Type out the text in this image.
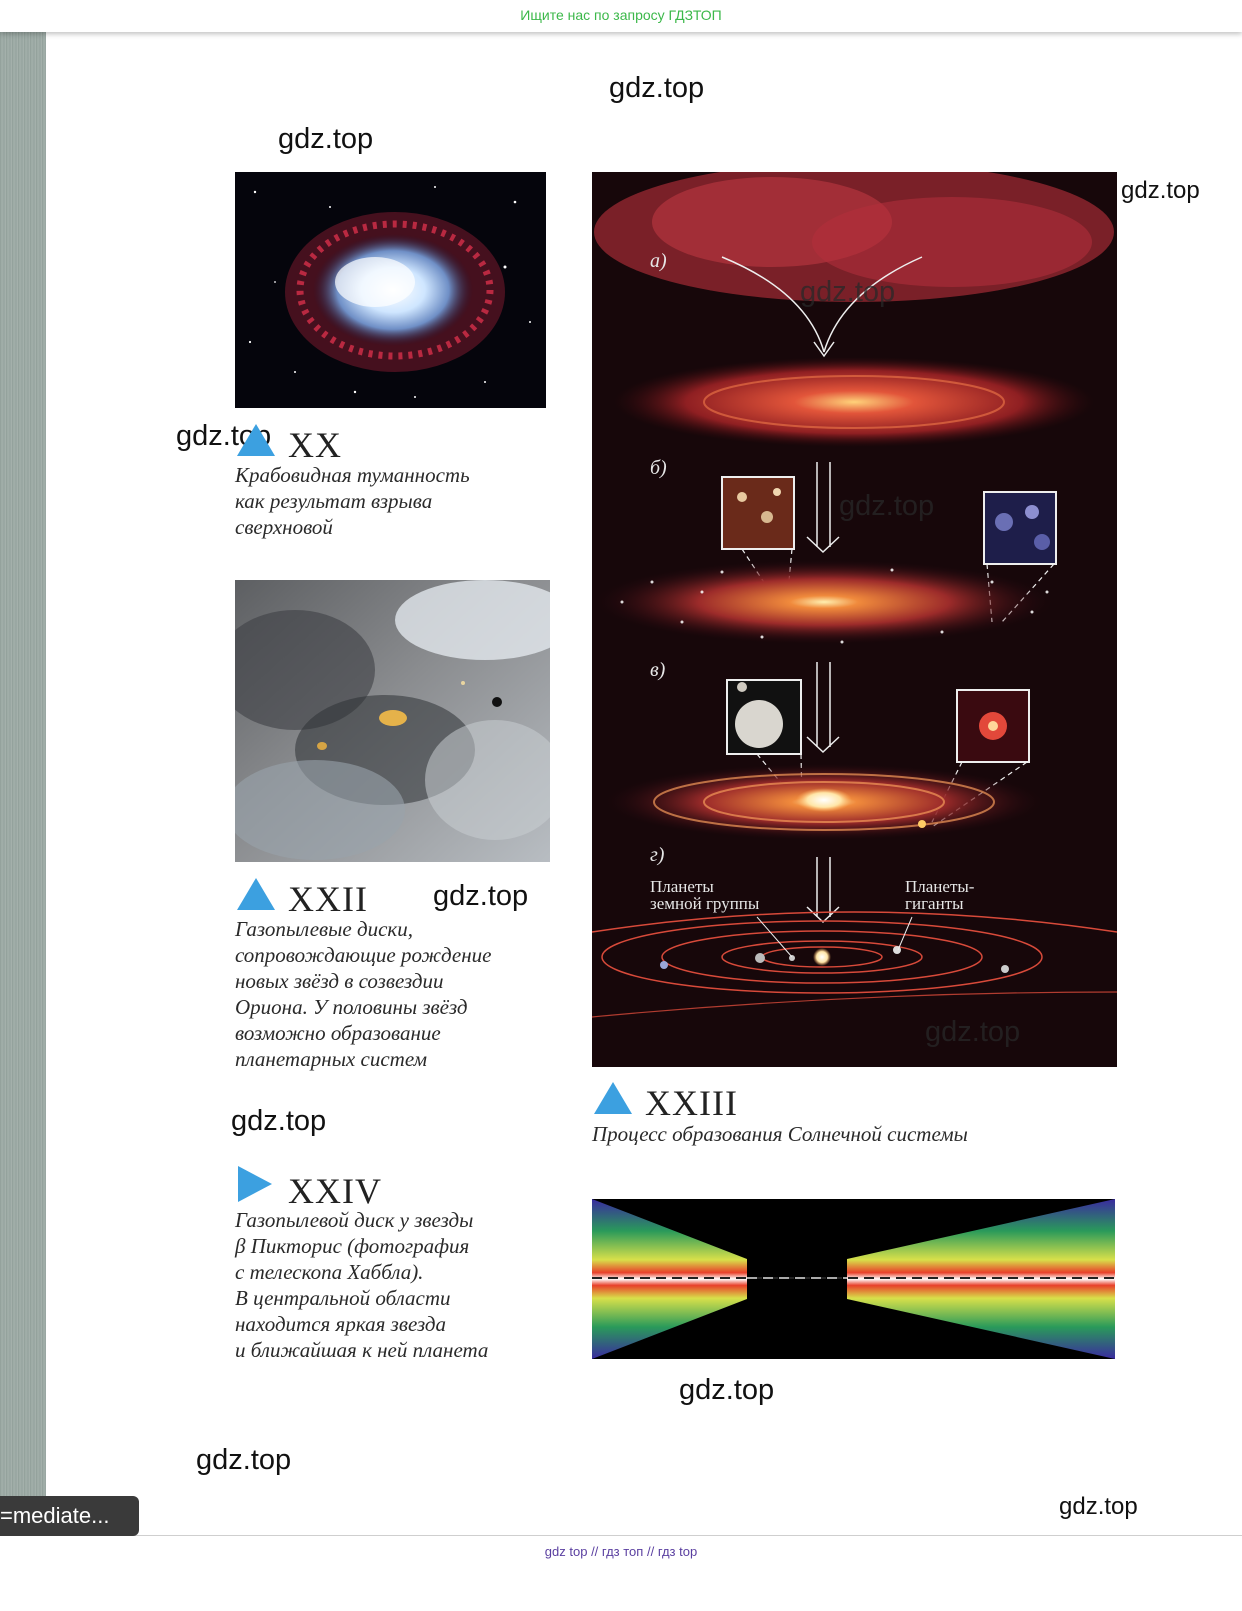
Ищите нас по запросу ГДЗТОП
gdz.top
gdz.top
gdz.top
gdz.top XX
Крабовидная туманность
как результат взрыва
сверхновой
XXII gdz.top
Газопылевые диски,
сопровождающие рождение
новых звёзд в созвездии
Ориона. У половины звёзд
возможно образование
планетарных систем
gdz.top
XXIV
Газопылевой диск у звезды
β Пикторис (фотография
с телескопа Хаббла).
В центральной области
находится яркая звезда
и ближайшая к ней планета
а)
б)
в)
г)
Планеты
земной группы
Планеты-
гиганты
gdz.top
gdz.top
gdz.top
XXIII
Процесс образования Солнечной системы
gdz.top
gdz.top
gdz.top
=mediate...
gdz top // гдз топ // гдз top
